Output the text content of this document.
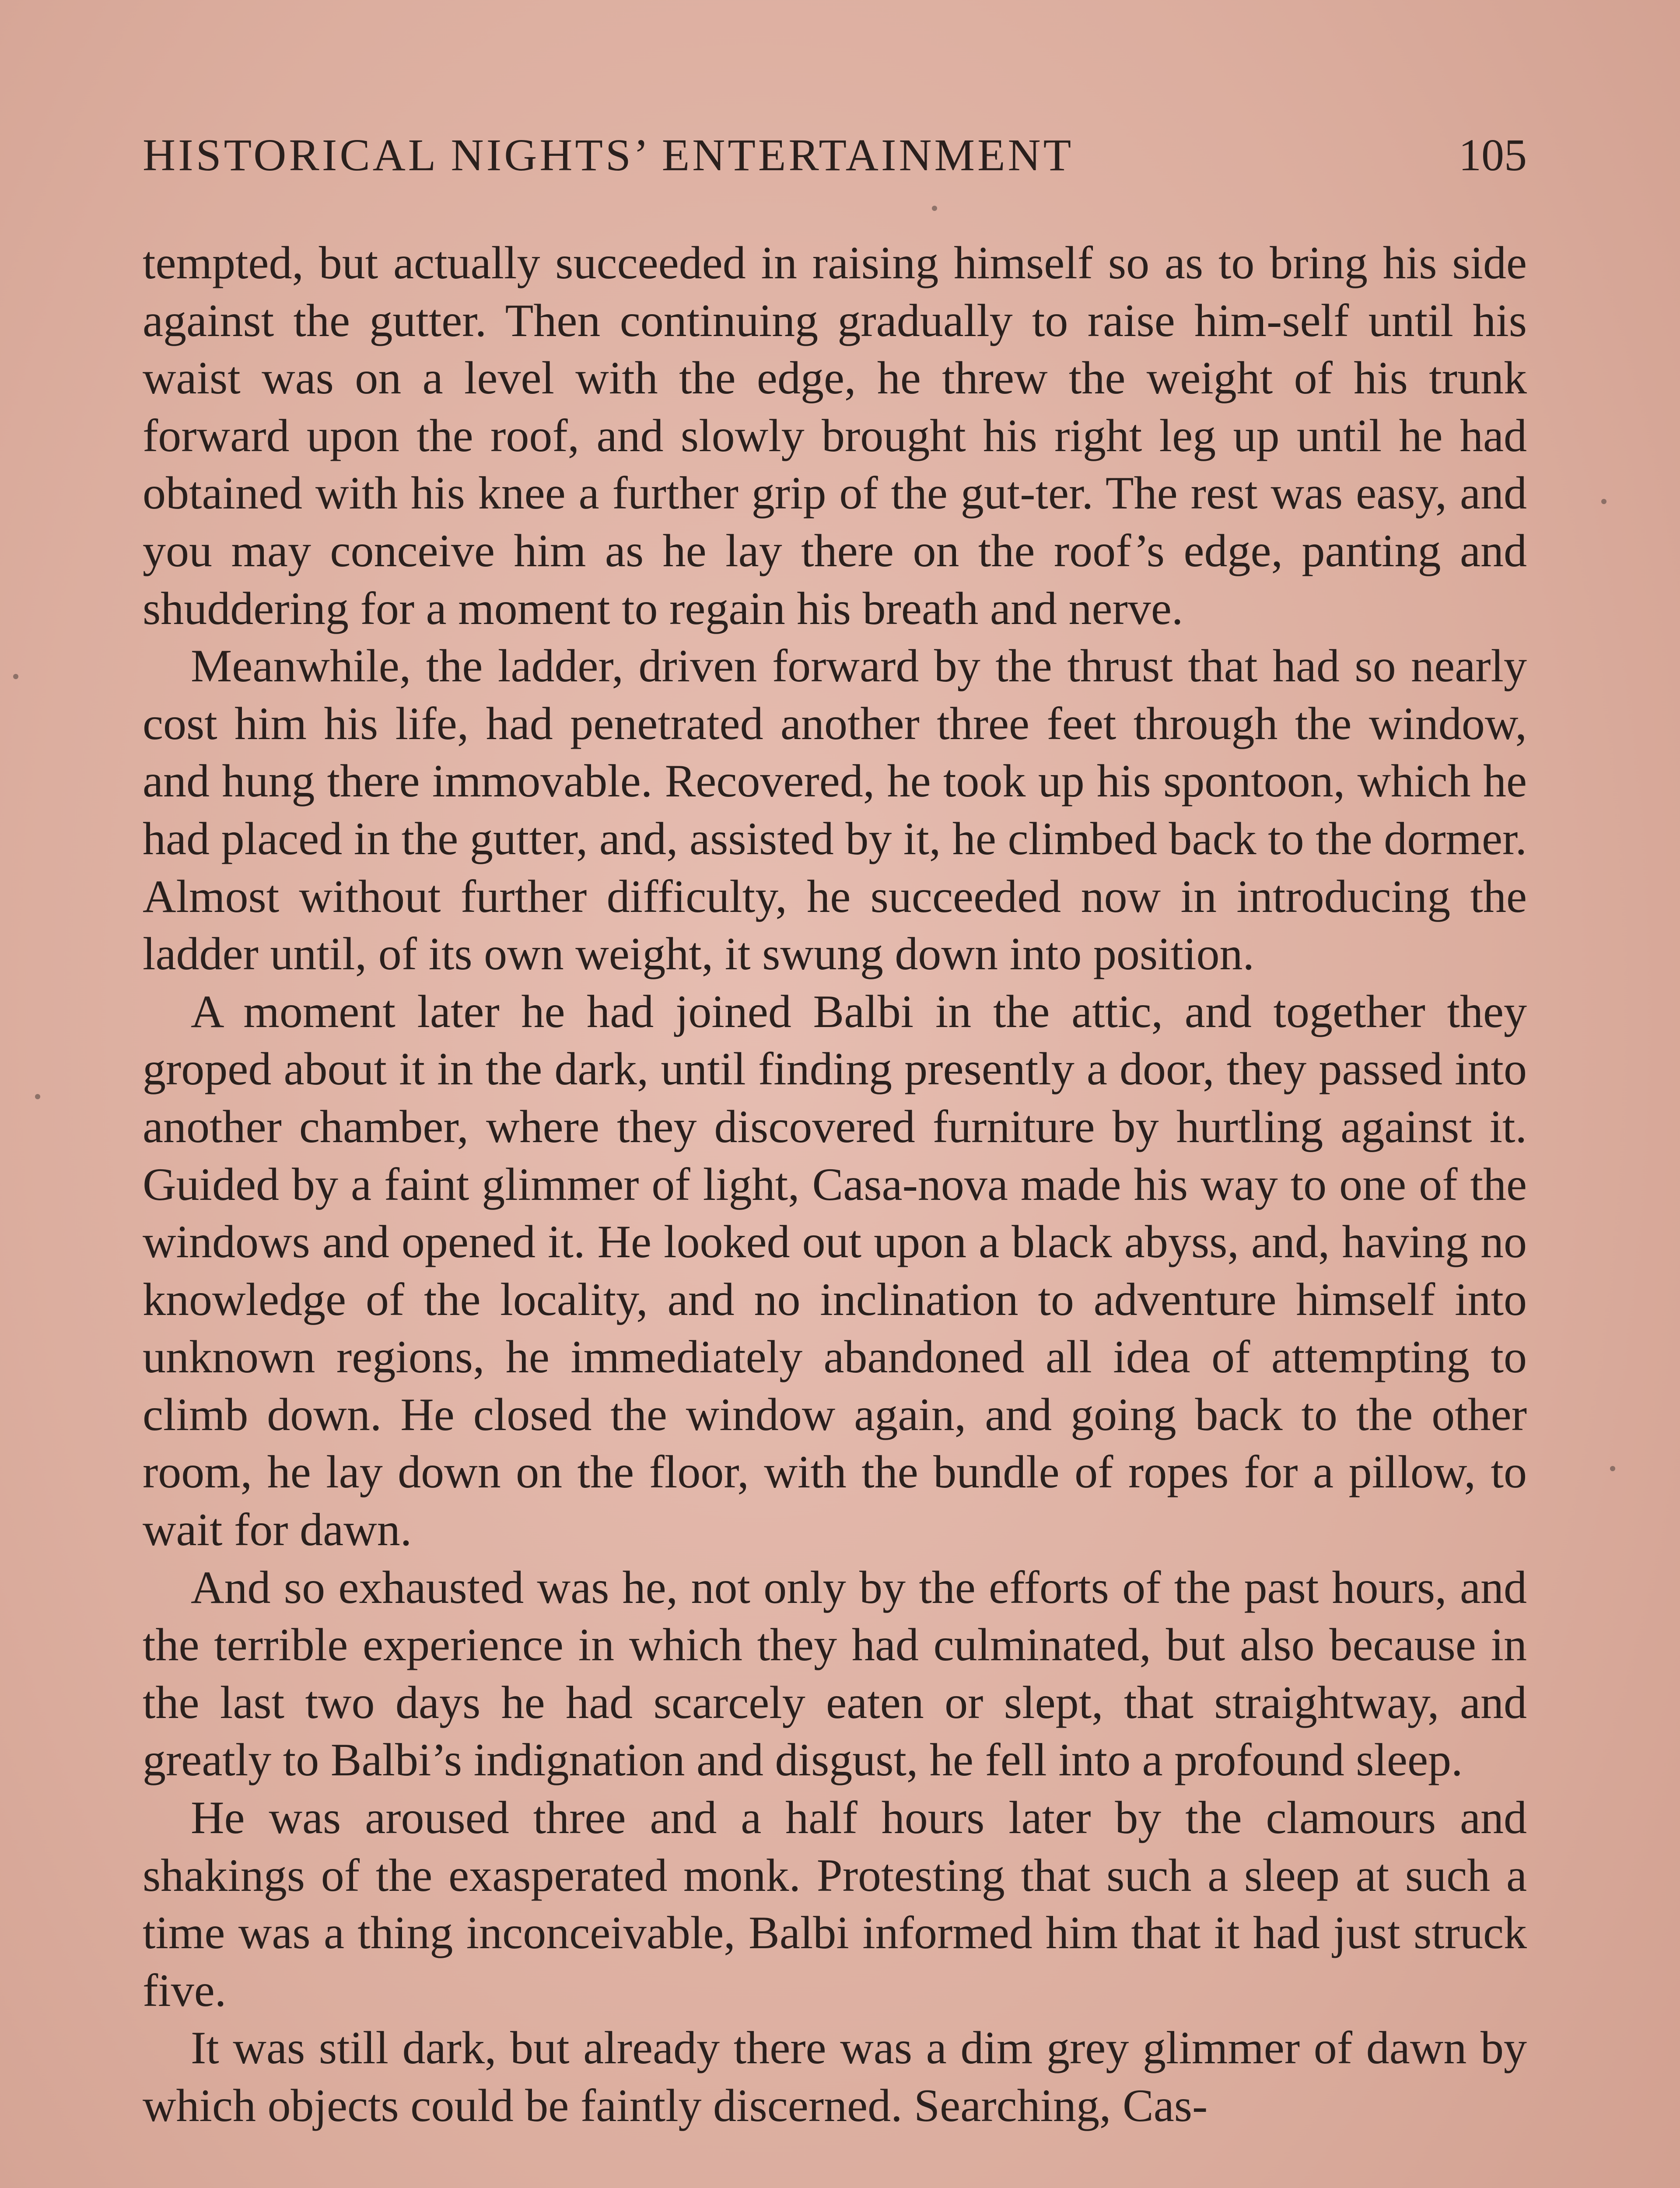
HISTORICAL NIGHTS’ ENTERTAINMENT	105

tempted, but actually succeeded in raising himself so as to bring his side against the gutter. Then continuing gradually to raise him-self until his waist was on a level with the edge, he threw the weight of his trunk forward upon the roof, and slowly brought his right leg up until he had obtained with his knee a further grip of the gut-ter. The rest was easy, and you may conceive him as he lay there on the roof’s edge, panting and shuddering for a moment to regain his breath and nerve.

Meanwhile, the ladder, driven forward by the thrust that had so nearly cost him his life, had penetrated another three feet through the window, and hung there immovable. Recovered, he took up his spontoon, which he had placed in the gutter, and, assisted by it, he climbed back to the dormer. Almost without further difficulty, he succeeded now in introducing the ladder until, of its own weight, it swung down into position.

A moment later he had joined Balbi in the attic, and together they groped about it in the dark, until finding presently a door, they passed into another chamber, where they discovered furniture by hurtling against it. Guided by a faint glimmer of light, Casa-nova made his way to one of the windows and opened it. He looked out upon a black abyss, and, having no knowledge of the locality, and no inclination to adventure himself into unknown regions, he immediately abandoned all idea of attempting to climb down. He closed the window again, and going back to the other room, he lay down on the floor, with the bundle of ropes for a pillow, to wait for dawn.

And so exhausted was he, not only by the efforts of the past hours, and the terrible experience in which they had culminated, but also because in the last two days he had scarcely eaten or slept, that straightway, and greatly to Balbi’s indignation and disgust, he fell into a profound sleep.

He was aroused three and a half hours later by the clamours and shakings of the exasperated monk. Protesting that such a sleep at such a time was a thing inconceivable, Balbi informed him that it had just struck five.

It was still dark, but already there was a dim grey glimmer of dawn by which objects could be faintly discerned. Searching, Cas-
